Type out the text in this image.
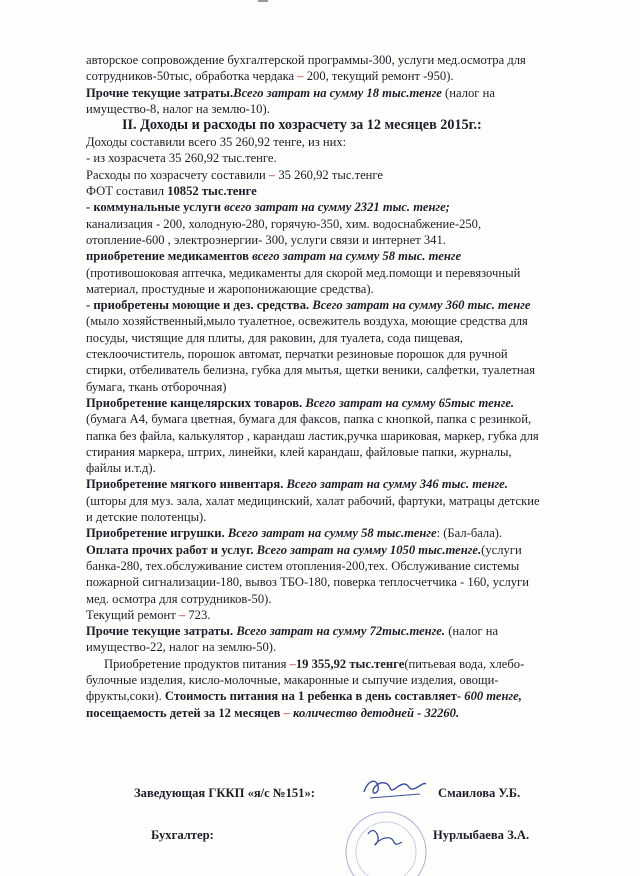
авторское сопровождение бухгалтерской программы-300, услуги мед.осмотра для
сотрудников-50тыс, обработка чердака – 200, текущий ремонт -950).
Прочие текущие затраты.Всего затрат на сумму 18 тыс.тенге (налог на
имущество-8, налог на землю-10).
II. Доходы и расходы по хозрасчету за 12 месяцев 2015г.:
Доходы составили всего 35 260,92 тенге, из них:
- из хозрасчета 35 260,92 тыс.тенге.
Расходы по хозрасчету составили – 35 260,92 тыс.тенге
ФОТ составил 10852 тыс.тенге
- коммунальные услуги всего затрат на сумму 2321 тыс. тенге;
канализация - 200, холодную-280, горячую-350, хим. водоснабжение-250,
отопление-600 , электроэнергии- 300, услуги связи и интернет 341.
приобретение медикаментов всего затрат на сумму 58 тыс. тенге
(противошоковая аптечка, медикаменты для скорой мед.помощи и перевязочный
материал, простудные и жаропонижающие средства).
- приобретены моющие и дез. средства. Всего затрат на сумму 360 тыс. тенге
(мыло хозяйственный,мыло туалетное, освежитель воздуха, моющие средства для
посуды, чистящие для плиты, для раковин, для туалета, сода пищевая,
стеклоочиститель, порошок автомат, перчатки резиновые порошок для ручной
стирки, отбеливатель белизна, губка для мытья, щетки веники, салфетки, туалетная
бумага, ткань отборочная)
Приобретение канцелярских товаров. Всего затрат на сумму 65тыс тенге.
(бумага А4, бумага цветная, бумага для факсов, папка с кнопкой, папка с резинкой,
папка без файла, калькулятор , карандаш ластик,ручка шариковая, маркер, губка для
стирания маркера, штрих, линейки, клей карандаш, файловые папки, журналы,
файлы и.т.д).
Приобретение мягкого инвентаря. Всего затрат на сумму 346 тыс. тенге.
(шторы для муз. зала, халат медицинский, халат рабочий, фартуки, матрацы детские
и детские полотенцы).
Приобретение игрушки. Всего затрат на сумму 58 тыс.тенге: (Бал-бала).
Оплата прочих работ и услуг. Всего затрат на сумму 1050 тыс.тенге.(услуги
банка-280, тех.обслуживание систем отопления-200,тех. Обслуживание системы
пожарной сигнализации-180, вывоз ТБО-180, поверка теплосчетчика - 160, услуги
мед. осмотра для сотрудников-50).
Текущий ремонт – 723.
Прочие текущие затраты. Всего затрат на сумму 72тыс.тенге. (налог на
имущество-22, налог на землю-50).
Приобретение продуктов питания –19 355,92 тыс.тенге(питьевая вода, хлебо-
булочные изделия, кисло-молочные, макаронные и сыпучие изделия, овощи-
фрукты,соки). Стоимость питания на 1 ребенка в день составляет- 600 тенге,
посещаемость детей за 12 месяцев – количество детодней - 32260.
Заведующая ГККП «я/с №151»:	Смаилова У.Б.
Бухгалтер:	Нурлыбаева З.А.
